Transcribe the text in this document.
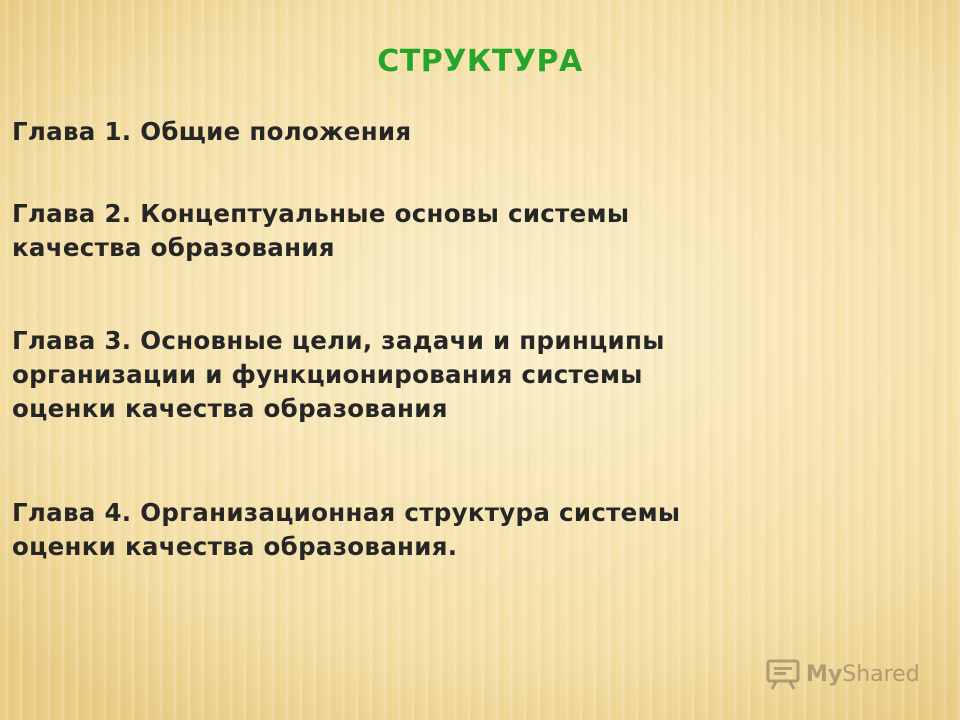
СТРУКТУРА
Глава 1. Общие положения
Глава 2. Концептуальные основы системы
качества образования
Глава 3. Основные цели, задачи и принципы
организации и функционирования системы
оценки качества образования
Глава 4. Организационная структура системы
оценки качества образования.
MyShared
